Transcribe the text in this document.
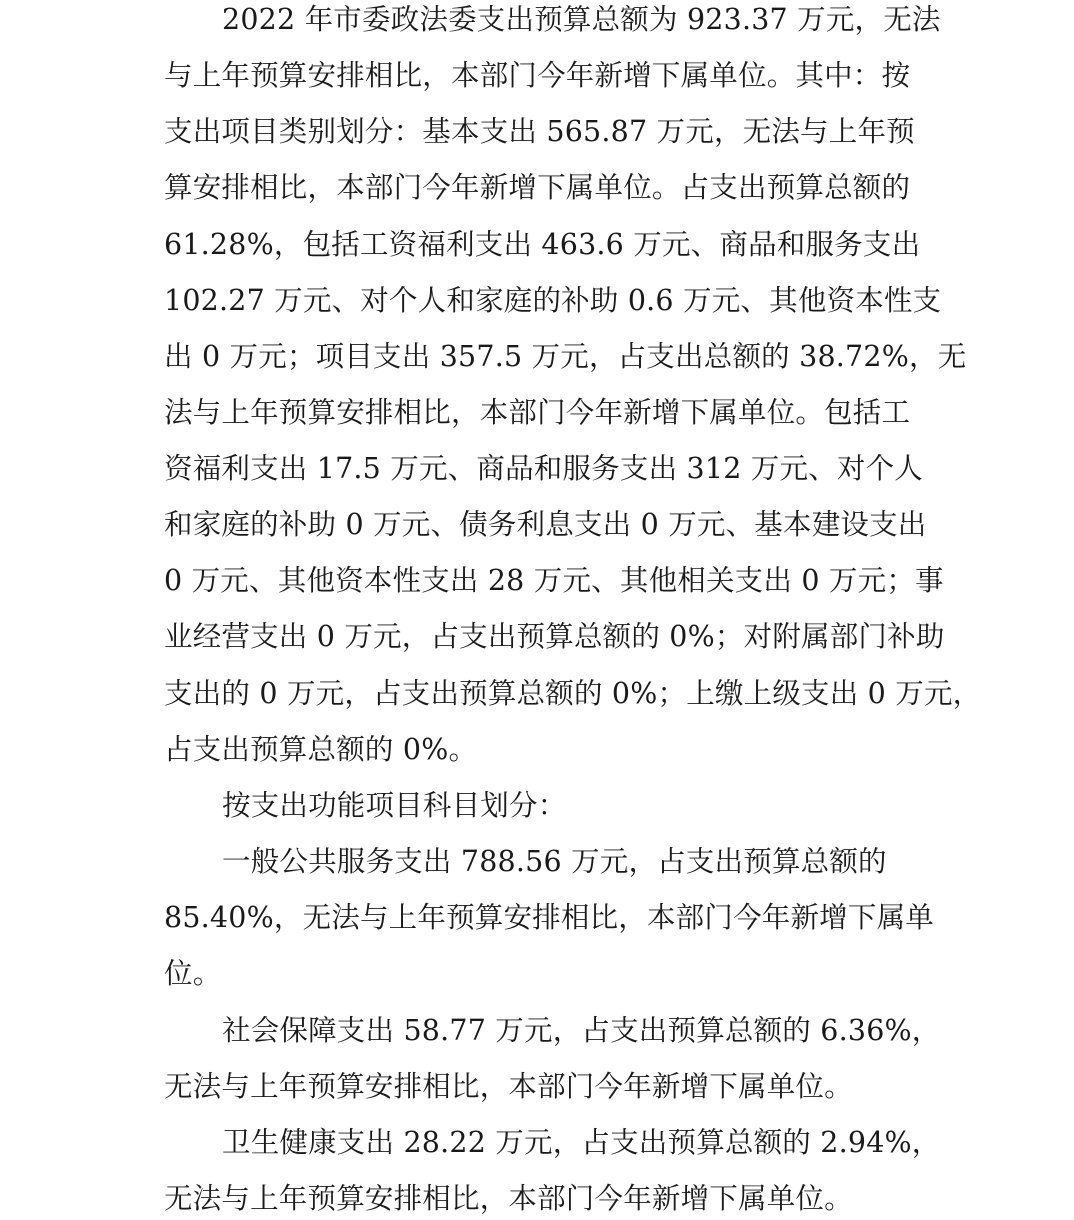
2022 年市委政法委支出预算总额为 923.37 万元，无法
与上年预算安排相比，本部门今年新增下属单位。其中：按
支出项目类别划分：基本支出 565.87 万元，无法与上年预
算安排相比，本部门今年新增下属单位。占支出预算总额的
61.28%，包括工资福利支出 463.6 万元、商品和服务支出
102.27 万元、对个人和家庭的补助 0.6 万元、其他资本性支
出 0 万元；项目支出 357.5 万元，占支出总额的 38.72%，无
法与上年预算安排相比，本部门今年新增下属单位。包括工
资福利支出 17.5 万元、商品和服务支出 312 万元、对个人
和家庭的补助 0 万元、债务利息支出 0 万元、基本建设支出
0 万元、其他资本性支出 28 万元、其他相关支出 0 万元；事
业经营支出 0 万元，占支出预算总额的 0%；对附属部门补助
支出的 0 万元，占支出预算总额的 0%；上缴上级支出 0 万元，
占支出预算总额的 0%。
按支出功能项目科目划分：
一般公共服务支出 788.56 万元，占支出预算总额的
85.40%，无法与上年预算安排相比，本部门今年新增下属单
位。
社会保障支出 58.77 万元，占支出预算总额的 6.36%，
无法与上年预算安排相比，本部门今年新增下属单位。
卫生健康支出 28.22 万元，占支出预算总额的 2.94%，
无法与上年预算安排相比，本部门今年新增下属单位。
